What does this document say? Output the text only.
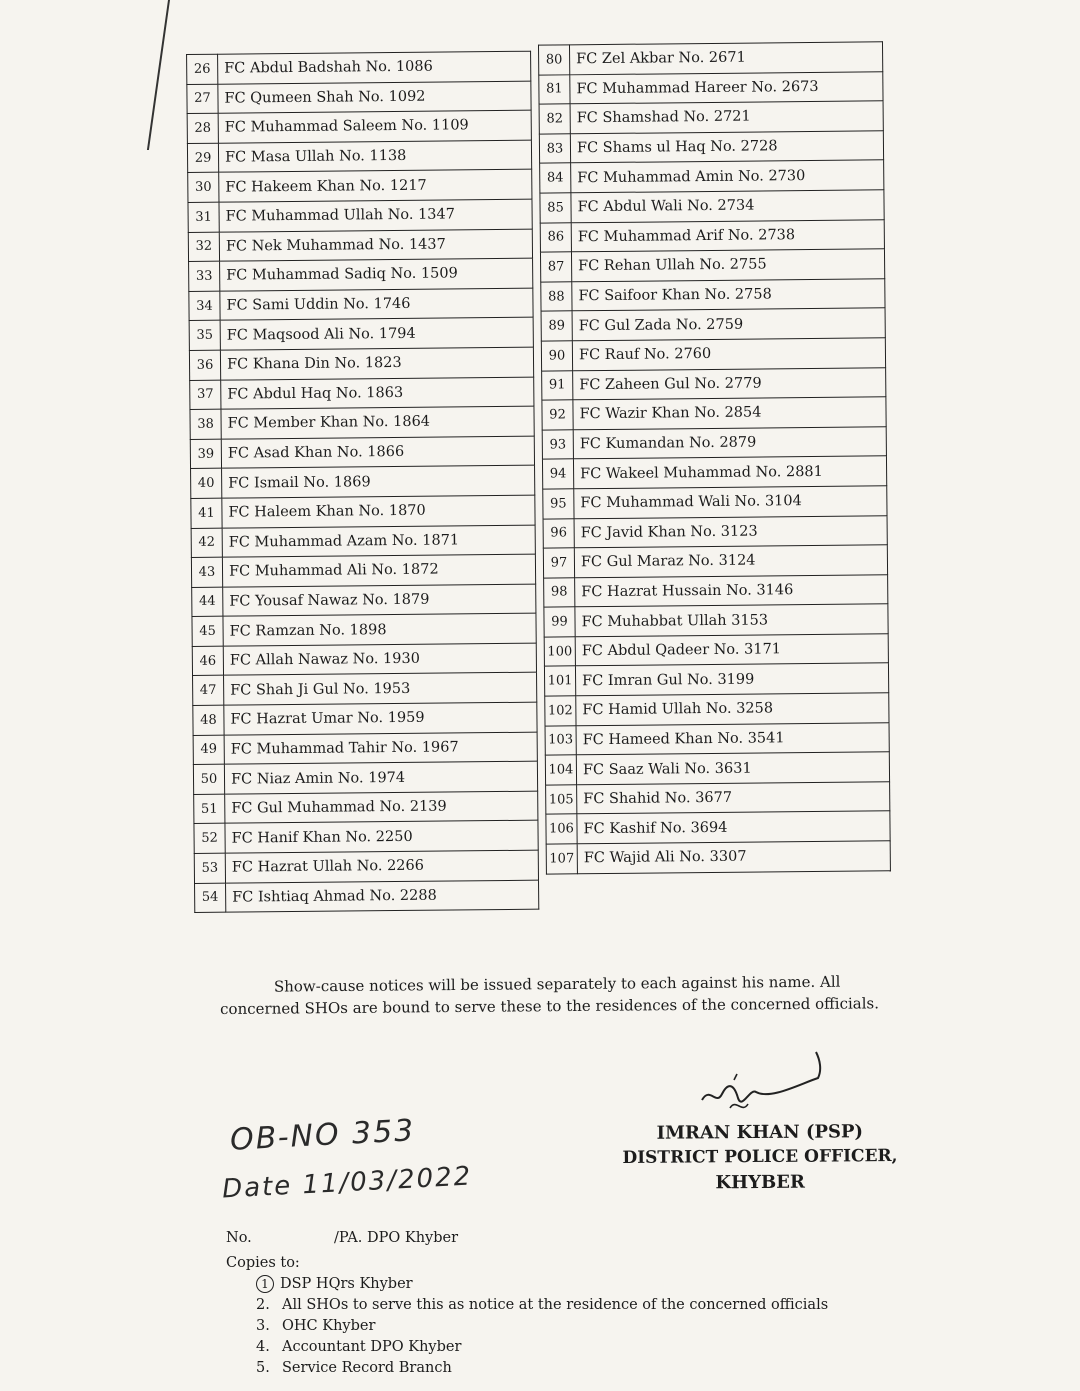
26	FC Abdul Badshah No. 1086
27	FC Qumeen Shah No. 1092
28	FC Muhammad Saleem No. 1109
29	FC Masa Ullah No. 1138
30	FC Hakeem Khan No. 1217
31	FC Muhammad Ullah No. 1347
32	FC Nek Muhammad No. 1437
33	FC Muhammad Sadiq No. 1509
34	FC Sami Uddin No. 1746
35	FC Maqsood Ali No. 1794
36	FC Khana Din No. 1823
37	FC Abdul Haq No. 1863
38	FC Member Khan No. 1864
39	FC Asad Khan No. 1866
40	FC Ismail No. 1869
41	FC Haleem Khan No. 1870
42	FC Muhammad Azam No. 1871
43	FC Muhammad Ali No. 1872
44	FC Yousaf Nawaz No. 1879
45	FC Ramzan No. 1898
46	FC Allah Nawaz No. 1930
47	FC Shah Ji Gul No. 1953
48	FC Hazrat Umar No. 1959
49	FC Muhammad Tahir No. 1967
50	FC Niaz Amin No. 1974
51	FC Gul Muhammad No. 2139
52	FC Hanif Khan No. 2250
53	FC Hazrat Ullah No. 2266
54	FC Ishtiaq Ahmad No. 2288
80	FC Zel Akbar No. 2671
81	FC Muhammad Hareer No. 2673
82	FC Shamshad No. 2721
83	FC Shams ul Haq No. 2728
84	FC Muhammad Amin No. 2730
85	FC Abdul Wali No. 2734
86	FC Muhammad Arif No. 2738
87	FC Rehan Ullah No. 2755
88	FC Saifoor Khan No. 2758
89	FC Gul Zada No. 2759
90	FC Rauf No. 2760
91	FC Zaheen Gul No. 2779
92	FC Wazir Khan No. 2854
93	FC Kumandan No. 2879
94	FC Wakeel Muhammad No. 2881
95	FC Muhammad Wali No. 3104
96	FC Javid Khan No. 3123
97	FC Gul Maraz No. 3124
98	FC Hazrat Hussain No. 3146
99	FC Muhabbat Ullah 3153
100	FC Abdul Qadeer No. 3171
101	FC Imran Gul No. 3199
102	FC Hamid Ullah No. 3258
103	FC Hameed Khan No. 3541
104	FC Saaz Wali No. 3631
105	FC Shahid No. 3677
106	FC Kashif No. 3694
107	FC Wajid Ali No. 3307

Show-cause notices will be issued separately to each against his name. All concerned SHOs are bound to serve these to the residences of the concerned officials.

OB-NO 353
Date 11/03/2022
IMRAN KHAN (PSP)
DISTRICT POLICE OFFICER,
KHYBER
No.	/PA. DPO Khyber
Copies to:
1 DSP HQrs Khyber
2. All SHOs to serve this as notice at the residence of the concerned officials
3. OHC Khyber
4. Accountant DPO Khyber
5. Service Record Branch
